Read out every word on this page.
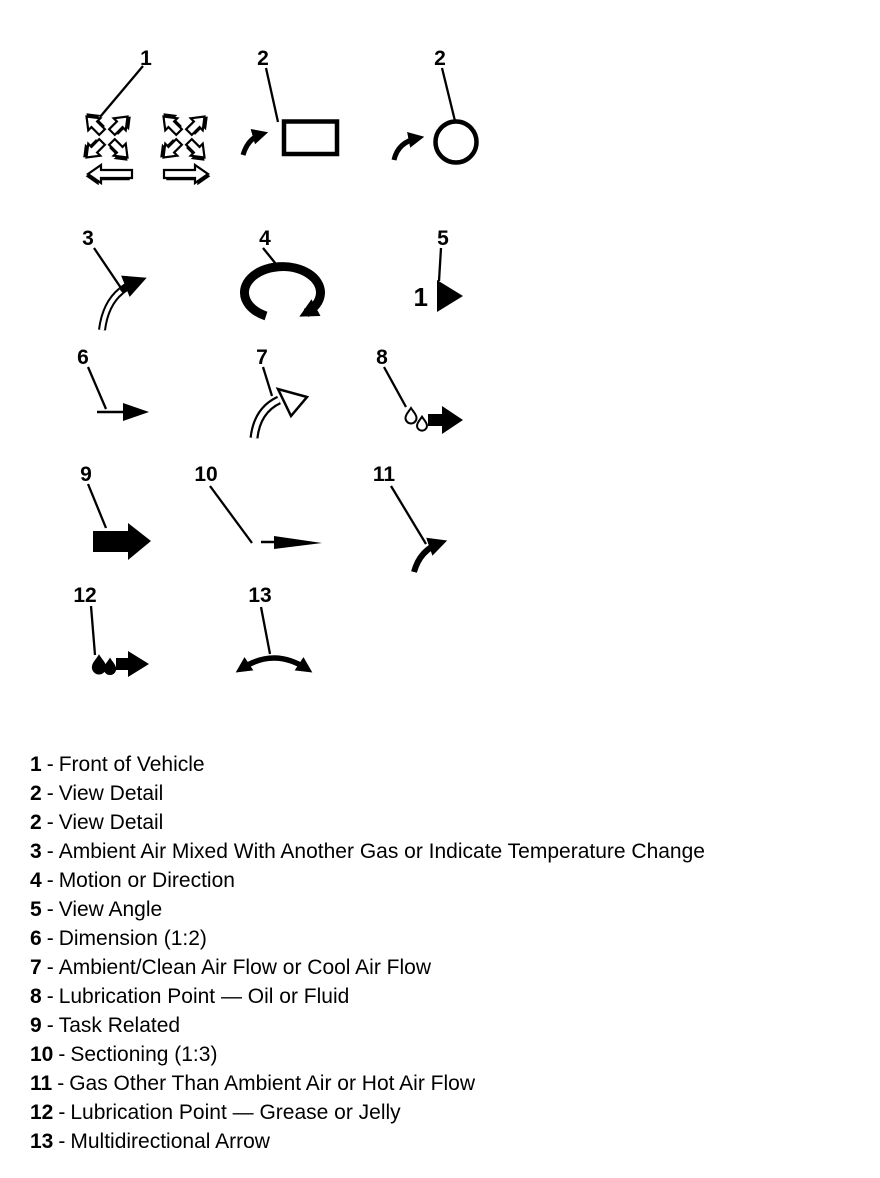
1	2	2
3	4	5
1
6	7	8
9	10	11
12	13
1 - Front of Vehicle
2 - View Detail
2 - View Detail
3 - Ambient Air Mixed With Another Gas or Indicate Temperature Change
4 - Motion or Direction
5 - View Angle
6 - Dimension (1:2)
7 - Ambient/Clean Air Flow or Cool Air Flow
8 - Lubrication Point — Oil or Fluid
9 - Task Related
10 - Sectioning (1:3)
11 - Gas Other Than Ambient Air or Hot Air Flow
12 - Lubrication Point — Grease or Jelly
13 - Multidirectional Arrow
